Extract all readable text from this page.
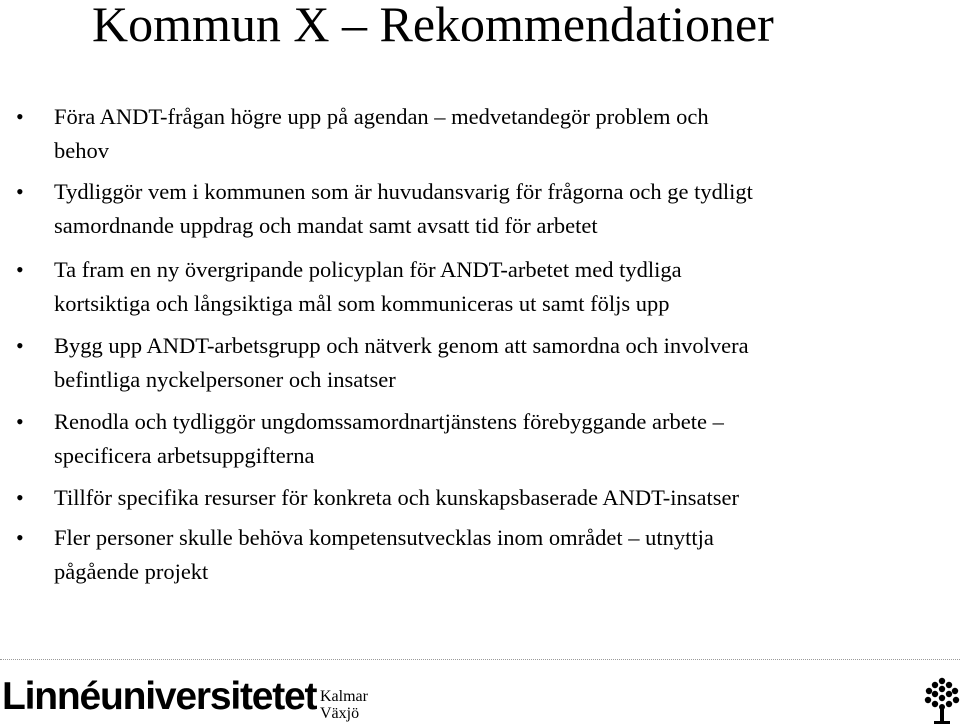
Kommun X – Rekommendationer
• Föra ANDT-frågan högre upp på agendan – medvetandegör problem och
behov
• Tydliggör vem i kommunen som är huvudansvarig för frågorna och ge tydligt
samordnande uppdrag och mandat samt avsatt tid för arbetet
• Ta fram en ny övergripande policyplan för ANDT-arbetet med tydliga
kortsiktiga och långsiktiga mål som kommuniceras ut samt följs upp
• Bygg upp ANDT-arbetsgrupp och nätverk genom att samordna och involvera
befintliga nyckelpersoner och insatser
• Renodla och tydliggör ungdomssamordnartjänstens förebyggande arbete –
specificera arbetsuppgifterna
• Tillför specifika resurser för konkreta och kunskapsbaserade ANDT-insatser
• Fler personer skulle behöva kompetensutvecklas inom området – utnyttja
pågående projekt
Linnéuniversitetet Kalmar
Växjö
